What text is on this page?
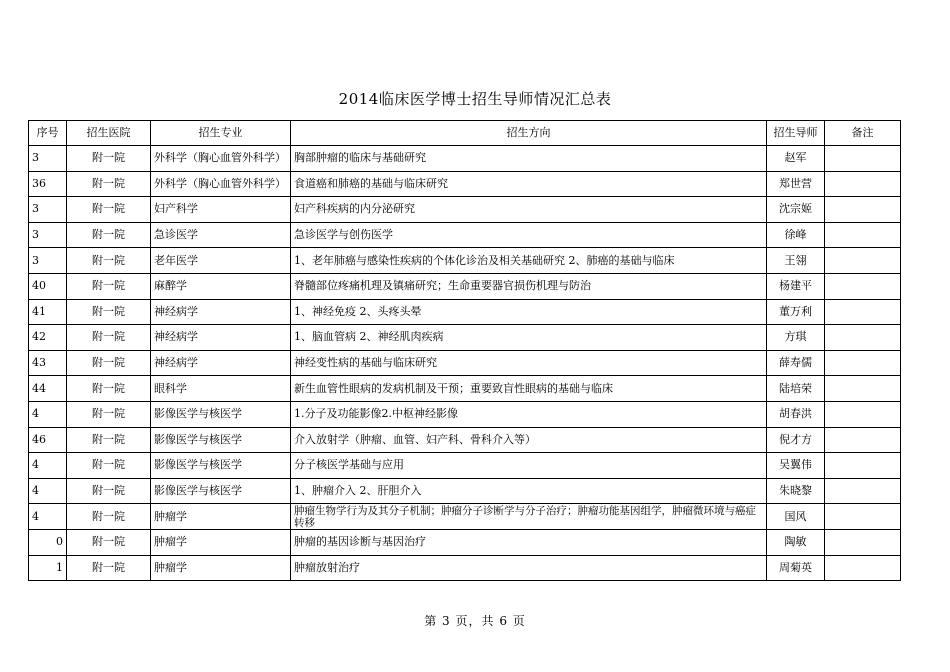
2014临床医学博士招生导师情况汇总表
序号	招生医院	招生专业	招生方向	招生导师	备注
3	附一院	外科学（胸心血管外科学）	胸部肿瘤的临床与基础研究	赵军	
36	附一院	外科学（胸心血管外科学）	食道癌和肺癌的基础与临床研究	郑世营	
3	附一院	妇产科学	妇产科疾病的内分泌研究	沈宗姬	
3	附一院	急诊医学	急诊医学与创伤医学	徐峰	
3	附一院	老年医学	1、老年肺癌与感染性疾病的个体化诊治及相关基础研究 2、肺癌的基础与临床	王翎	
40	附一院	麻醉学	脊髓部位疼痛机理及镇痛研究；生命重要器官损伤机理与防治	杨建平	
41	附一院	神经病学	1、神经免疫 2、头疼头晕	董万利	
42	附一院	神经病学	1、脑血管病 2、神经肌肉疾病	方琪	
43	附一院	神经病学	神经变性病的基础与临床研究	薛寿儒	
44	附一院	眼科学	新生血管性眼病的发病机制及干预；重要致盲性眼病的基础与临床	陆培荣	
4	附一院	影像医学与核医学	1.分子及功能影像2.中枢神经影像	胡春洪	
46	附一院	影像医学与核医学	介入放射学（肿瘤、血管、妇产科、骨科介入等）	倪才方	
4	附一院	影像医学与核医学	分子核医学基础与应用	吴翼伟	
4	附一院	影像医学与核医学	1、肿瘤介入 2、肝胆介入	朱晓黎	
4	附一院	肿瘤学	肿瘤生物学行为及其分子机制；肿瘤分子诊断学与分子治疗；肿瘤功能基因组学，肿瘤微环境与癌症转移	国风	
0	附一院	肿瘤学	肿瘤的基因诊断与基因治疗	陶敏	
1	附一院	肿瘤学	肿瘤放射治疗	周菊英	
第 3 页，共 6 页
